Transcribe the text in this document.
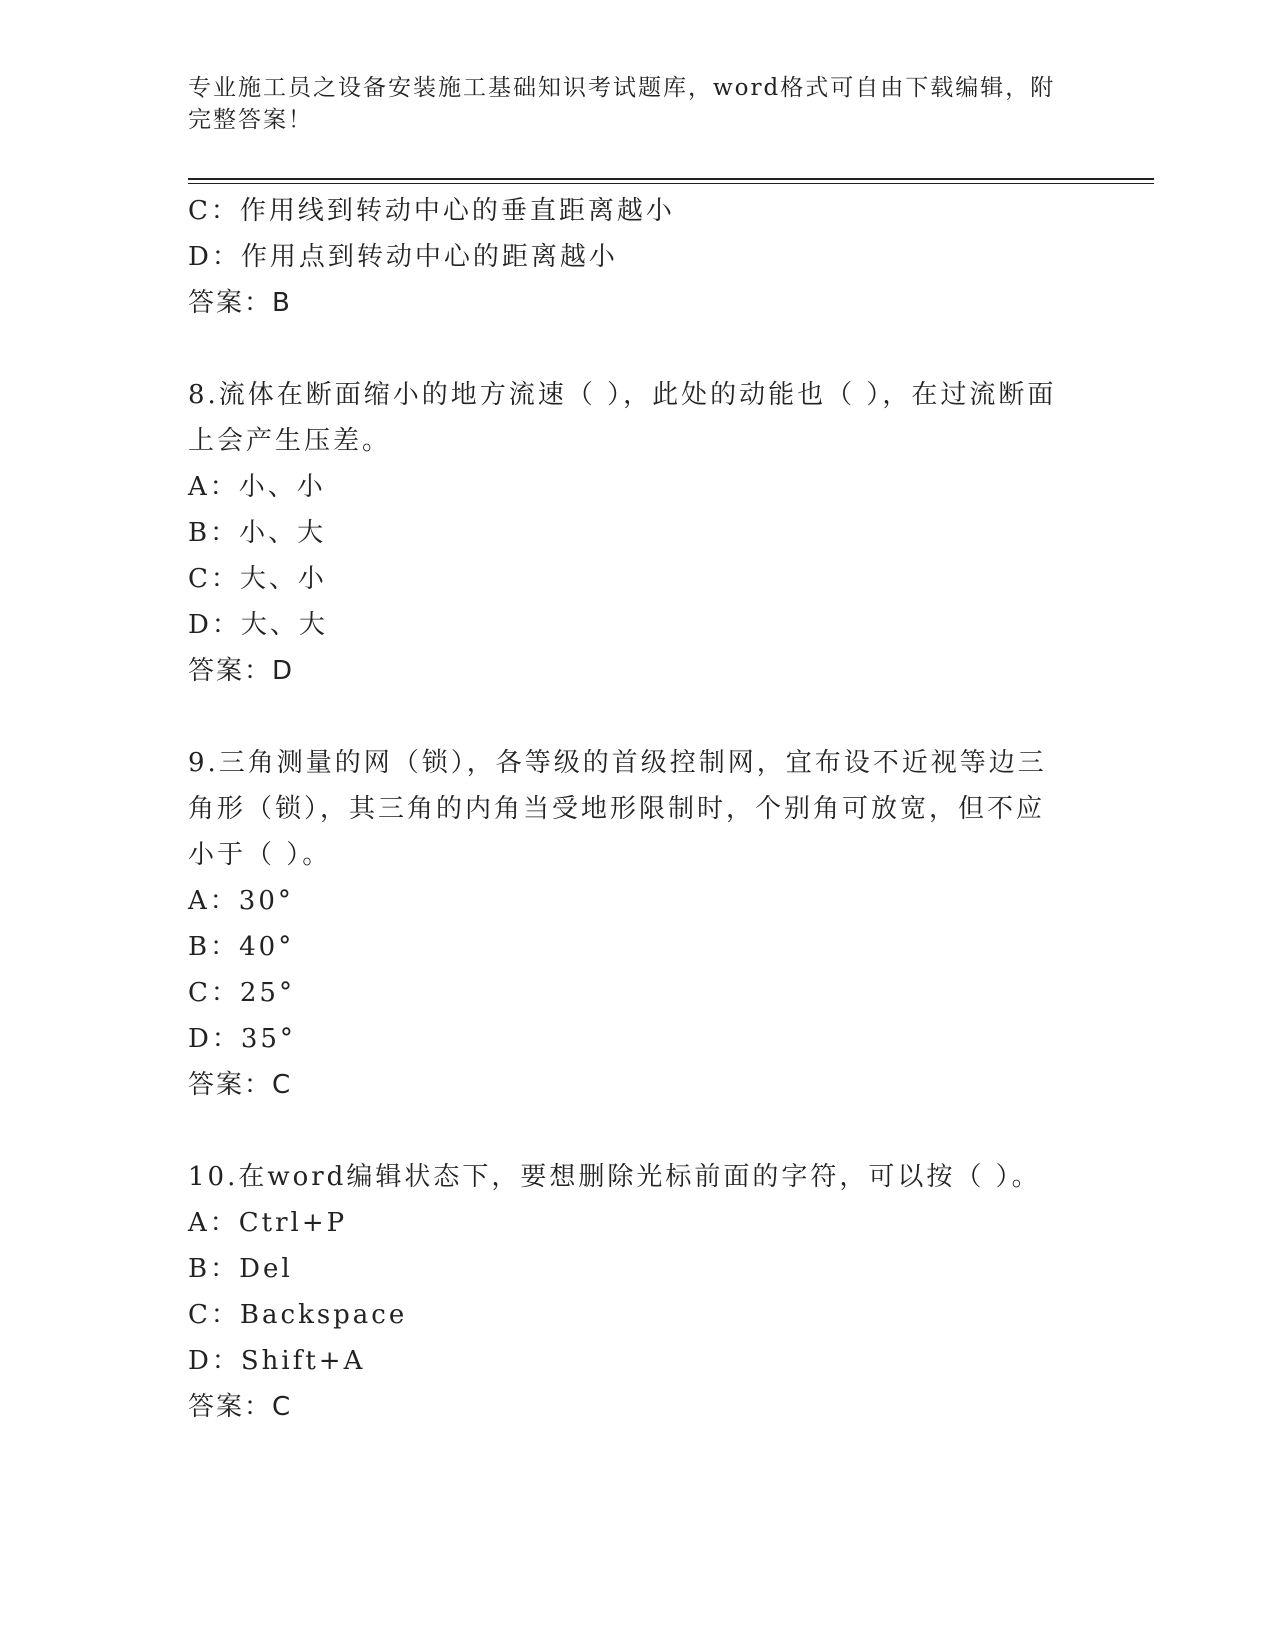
专业施工员之设备安装施工基础知识考试题库，word格式可自由下载编辑，附完整答案！
C：作用线到转动中心的垂直距离越小
D：作用点到转动中心的距离越小
答案：B
8.流体在断面缩小的地方流速（ ），此处的动能也（ ），在过流断面上会产生压差。
A：小、小
B：小、大
C：大、小
D：大、大
答案：D
9.三角测量的网（锁），各等级的首级控制网，宜布设不近视等边三角形（锁），其三角的内角当受地形限制时，个别角可放宽，但不应小于（ ）。
A：30°
B：40°
C：25°
D：35°
答案：C
10.在word编辑状态下，要想删除光标前面的字符，可以按（ ）。
A：Ctrl+P
B：Del
C：Backspace
D：Shift+A
答案：C
